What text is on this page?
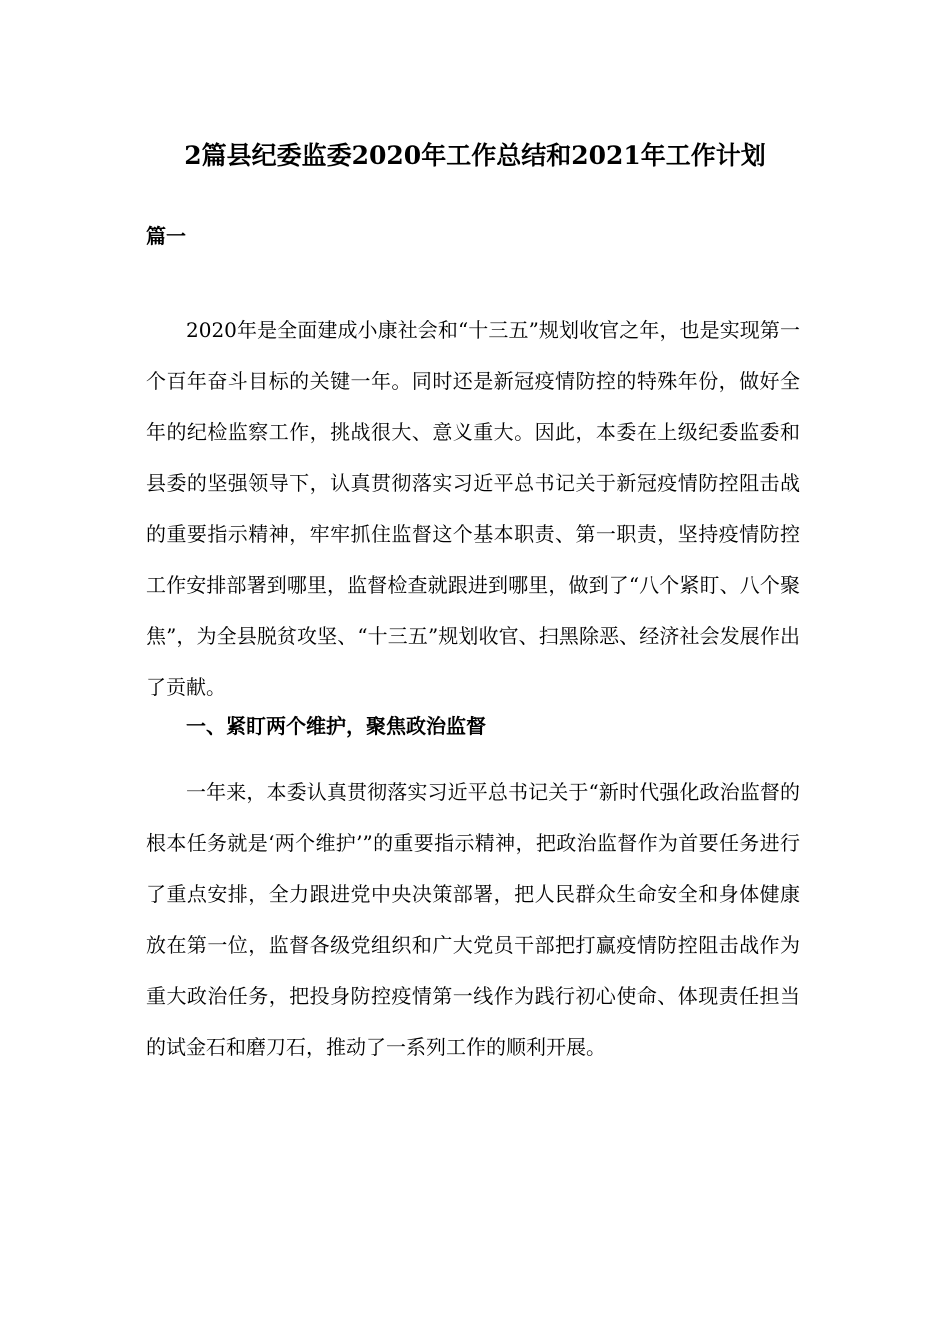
2篇县纪委监委2020年工作总结和2021年工作计划
篇一

2020年是全面建成小康社会和“十三五”规划收官之年，也是实现第一个百年奋斗目标的关键一年。同时还是新冠疫情防控的特殊年份，做好全年的纪检监察工作，挑战很大、意义重大。因此，本委在上级纪委监委和县委的坚强领导下，认真贯彻落实习近平总书记关于新冠疫情防控阻击战的重要指示精神，牢牢抓住监督这个基本职责、第一职责，坚持疫情防控工作安排部署到哪里，监督检查就跟进到哪里，做到了“八个紧盯、八个聚焦”，为全县脱贫攻坚、“十三五”规划收官、扫黑除恶、经济社会发展作出了贡献。

一、紧盯两个维护，聚焦政治监督

一年来，本委认真贯彻落实习近平总书记关于“新时代强化政治监督的根本任务就是‘两个维护’”的重要指示精神，把政治监督作为首要任务进行了重点安排，全力跟进党中央决策部署，把人民群众生命安全和身体健康放在第一位，监督各级党组织和广大党员干部把打赢疫情防控阻击战作为重大政治任务，把投身防控疫情第一线作为践行初心使命、体现责任担当的试金石和磨刀石，推动了一系列工作的顺利开展。
